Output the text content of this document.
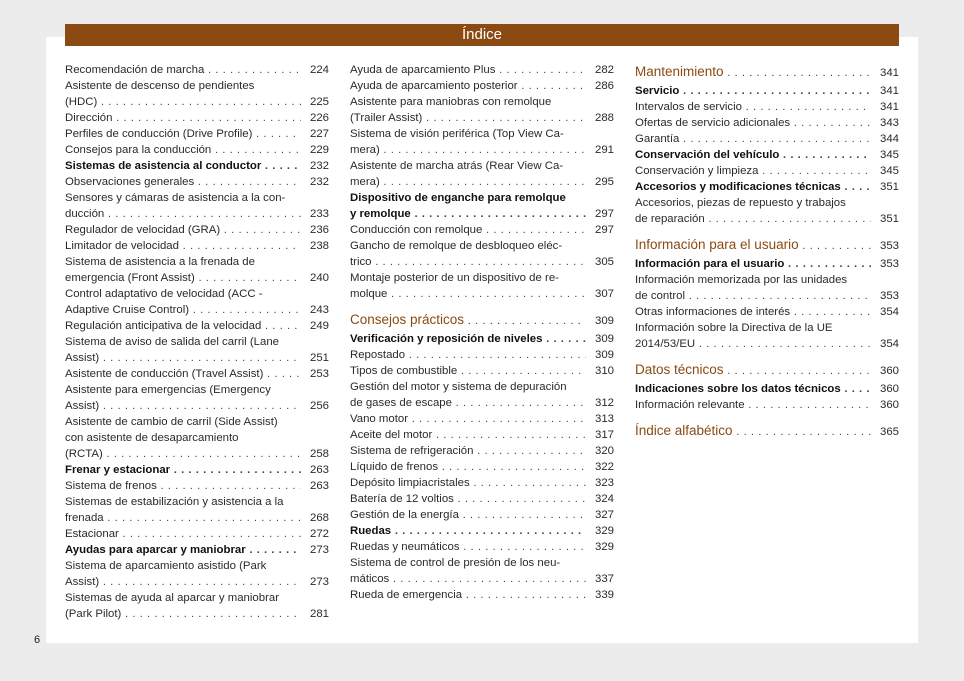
Índice
Recomendación de marcha . . .	224
Asistente de descenso de pendientes
(HDC) . . .	225
Dirección . . .	226
Perfiles de conducción (Drive Profile) . . .	227
Consejos para la conducción . . .	229
Sistemas de asistencia al conductor . . .	232
Observaciones generales . . .	232
Sensores y cámaras de asistencia a la con-
ducción . . .	233
Regulador de velocidad (GRA) . . .	236
Limitador de velocidad . . .	238
Sistema de asistencia a la frenada de
emergencia (Front Assist) . . .	240
Control adaptativo de velocidad (ACC -
Adaptive Cruise Control) . . .	243
Regulación anticipativa de la velocidad . . .	249
Sistema de aviso de salida del carril (Lane
Assist) . . .	251
Asistente de conducción (Travel Assist) . . .	253
Asistente para emergencias (Emergency
Assist) . . .	256
Asistente de cambio de carril (Side Assist)
con asistente de desaparcamiento
(RCTA) . . .	258
Frenar y estacionar . . .	263
Sistema de frenos . . .	263
Sistemas de estabilización y asistencia a la
frenada . . .	268
Estacionar . . .	272
Ayudas para aparcar y maniobrar . . .	273
Sistema de aparcamiento asistido (Park
Assist) . . .	273
Sistemas de ayuda al aparcar y maniobrar
(Park Pilot) . . .	281
Ayuda de aparcamiento Plus . . .	282
Ayuda de aparcamiento posterior . . .	286
Asistente para maniobras con remolque
(Trailer Assist) . . .	288
Sistema de visión periférica (Top View Ca-
mera) . . .	291
Asistente de marcha atrás (Rear View Ca-
mera) . . .	295
Dispositivo de enganche para remolque
y remolque . . .	297
Conducción con remolque . . .	297
Gancho de remolque de desbloqueo eléc-
trico . . .	305
Montaje posterior de un dispositivo de re-
molque . . .	307
Consejos prácticos . . .	309
Verificación y reposición de niveles . . .	309
Repostado . . .	309
Tipos de combustible . . .	310
Gestión del motor y sistema de depuración
de gases de escape . . .	312
Vano motor . . .	313
Aceite del motor . . .	317
Sistema de refrigeración . . .	320
Líquido de frenos . . .	322
Depósito limpiacristales . . .	323
Batería de 12 voltios . . .	324
Gestión de la energía . . .	327
Ruedas . . .	329
Ruedas y neumáticos . . .	329
Sistema de control de presión de los neu-
máticos . . .	337
Rueda de emergencia . . .	339
Mantenimiento . . .	341
Servicio . . .	341
Intervalos de servicio . . .	341
Ofertas de servicio adicionales . . .	343
Garantía . . .	344
Conservación del vehículo . . .	345
Conservación y limpieza . . .	345
Accesorios y modificaciones técnicas . . .	351
Accesorios, piezas de repuesto y trabajos
de reparación . . .	351
Información para el usuario . . .	353
Información para el usuario . . .	353
Información memorizada por las unidades
de control . . .	353
Otras informaciones de interés . . .	354
Información sobre la Directiva de la UE
2014/53/EU . . .	354
Datos técnicos . . .	360
Indicaciones sobre los datos técnicos . . .	360
Información relevante . . .	360
Índice alfabético . . .	365
6
